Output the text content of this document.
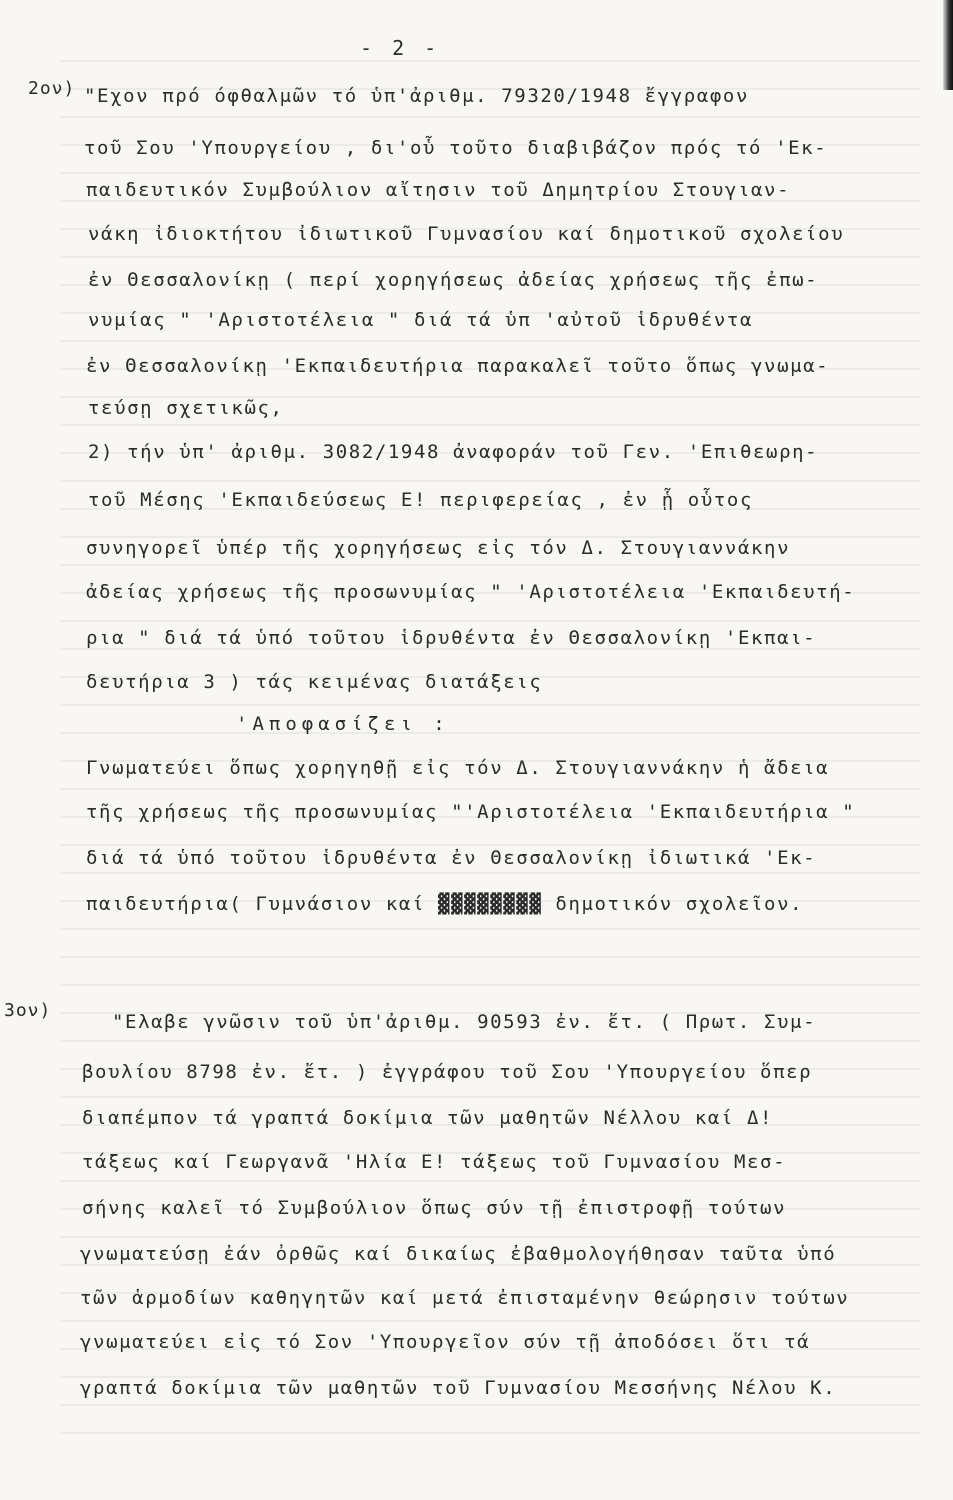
- 2 -
2ον) "Εχον πρό όφθαλμῶν τό ὑπ'ἀριθμ. 79320/1948 ἔγγραφον
τοῦ Σου 'Υπουργείου , δι'οὗ τοῦτο διαβιβάζον πρός τό 'Εκ-
παιδευτικόν Συμβούλιον αἴτησιν τοῦ Δημητρίου Στουγιαν-
νάκη ἰδιοκτήτου ἰδιωτικοῦ Γυμνασίου καί δημοτικοῦ σχολείου
ἐν Θεσσαλονίκῃ ( περί χορηγήσεως ἀδείας χρήσεως τῆς ἐπω-
νυμίας " 'Αριστοτέλεια " διά τά ὑπ 'αὐτοῦ ἱδρυθέντα
ἐν Θεσσαλονίκῃ 'Εκπαιδευτήρια παρακαλεῖ τοῦτο ὅπως γνωμα-
τεύσῃ σχετικῶς,
2) τήν ὑπ' ἀριθμ. 3082/1948 ἀναφοράν τοῦ Γεν. 'Επιθεωρη-
τοῦ Μέσης 'Εκπαιδεύσεως Ε! περιφερείας , ἐν ᾗ οὗτος
συνηγορεῖ ὑπέρ τῆς χορηγήσεως εἰς τόν Δ. Στουγιαννάκην
ἀδείας χρήσεως τῆς προσωνυμίας " 'Αριστοτέλεια 'Εκπαιδευτή-
ρια " διά τά ὑπό τοῦτου ἱδρυθέντα ἐν Θεσσαλονίκῃ 'Εκπαι-
δευτήρια 3 ) τάς κειμένας διατάξεις
'Αποφασίζει :
Γνωματεύει ὅπως χορηγηθῇ εἰς τόν Δ. Στουγιαννάκην ἡ ἄδεια
τῆς χρήσεως τῆς προσωνυμίας "'Αριστοτέλεια 'Εκπαιδευτήρια "
διά τά ὑπό τοῦτου ἱδρυθέντα ἐν Θεσσαλονίκῃ ἰδιωτικά 'Εκ-
παιδευτήρια( Γυμνάσιον καί ▓▓▓▓▓▓▓▓ δημοτικόν σχολεῖον.
3ον)
"Ελαβε γνῶσιν τοῦ ὑπ'ἀριθμ. 90593 ἐν. ἔτ. ( Πρωτ. Συμ-
βουλίου 8798 ἐν. ἔτ. ) ἐγγράφου τοῦ Σου 'Υπουργείου ὅπερ
διαπέμπον τά γραπτά δοκίμια τῶν μαθητῶν Νέλλου καί Δ!
τάξεως καί Γεωργανᾶ 'Ηλία Ε! τάξεως τοῦ Γυμνασίου Μεσ-
σήνης καλεῖ τό Συμβούλιον ὅπως σύν τῇ ἐπιστροφῇ τούτων
γνωματεύσῃ ἐάν ὀρθῶς καί δικαίως ἐβαθμολογήθησαν ταῦτα ὑπό
τῶν ἁρμοδίων καθηγητῶν καί μετά ἐπισταμένην θεώρησιν τούτων
γνωματεύει εἰς τό Σον 'Υπουργεῖον σύν τῇ ἀποδόσει ὅτι τά
γραπτά δοκίμια τῶν μαθητῶν τοῦ Γυμνασίου Μεσσήνης Νέλου Κ.
